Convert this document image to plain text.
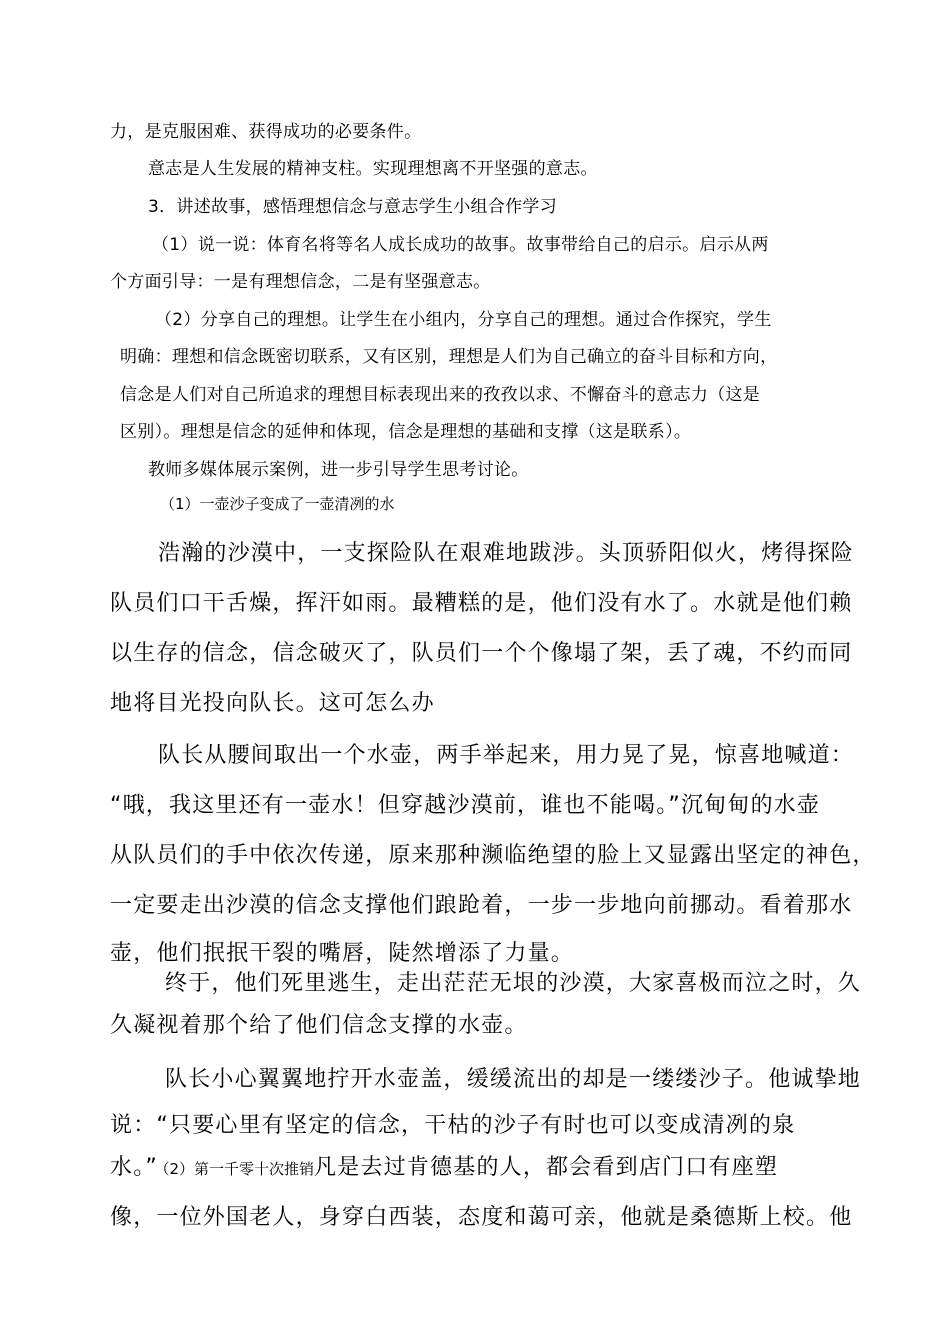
力，是克服困难、获得成功的必要条件。
意志是人生发展的精神支柱。实现理想离不开坚强的意志。
3．讲述故事，感悟理想信念与意志学生小组合作学习
（1）说一说：体育名将等名人成长成功的故事。故事带给自己的启示。启示从两
个方面引导：一是有理想信念，二是有坚强意志。
（2）分享自己的理想。让学生在小组内，分享自己的理想。通过合作探究，学生
明确：理想和信念既密切联系，又有区别，理想是人们为自己确立的奋斗目标和方向，
信念是人们对自己所追求的理想目标表现出来的孜孜以求、不懈奋斗的意志力（这是
区别）。理想是信念的延伸和体现，信念是理想的基础和支撑（这是联系）。
教师多媒体展示案例，进一步引导学生思考讨论。
（1）一壶沙子变成了一壶清冽的水
浩瀚的沙漠中，一支探险队在艰难地跋涉。头顶骄阳似火，烤得探险
队员们口干舌燥，挥汗如雨。最糟糕的是，他们没有水了。水就是他们赖
以生存的信念，信念破灭了，队员们一个个像塌了架，丢了魂，不约而同
地将目光投向队长。这可怎么办
队长从腰间取出一个水壶，两手举起来，用力晃了晃，惊喜地喊道：
“哦，我这里还有一壶水！但穿越沙漠前，谁也不能喝。”沉甸甸的水壶
从队员们的手中依次传递，原来那种濒临绝望的脸上又显露出坚定的神色，
一定要走出沙漠的信念支撑他们踉跄着，一步一步地向前挪动。看着那水
壶，他们抿抿干裂的嘴唇，陡然增添了力量。
终于，他们死里逃生，走出茫茫无垠的沙漠，大家喜极而泣之时，久
久凝视着那个给了他们信念支撑的水壶。
队长小心翼翼地拧开水壶盖，缓缓流出的却是一缕缕沙子。他诚挚地
说：“只要心里有坚定的信念，干枯的沙子有时也可以变成清冽的泉
水。” （2）第一千零十次推销凡是去过肯德基的人，都会看到店门口有座塑
像，一位外国老人，身穿白西装，态度和蔼可亲，他就是桑德斯上校。他
